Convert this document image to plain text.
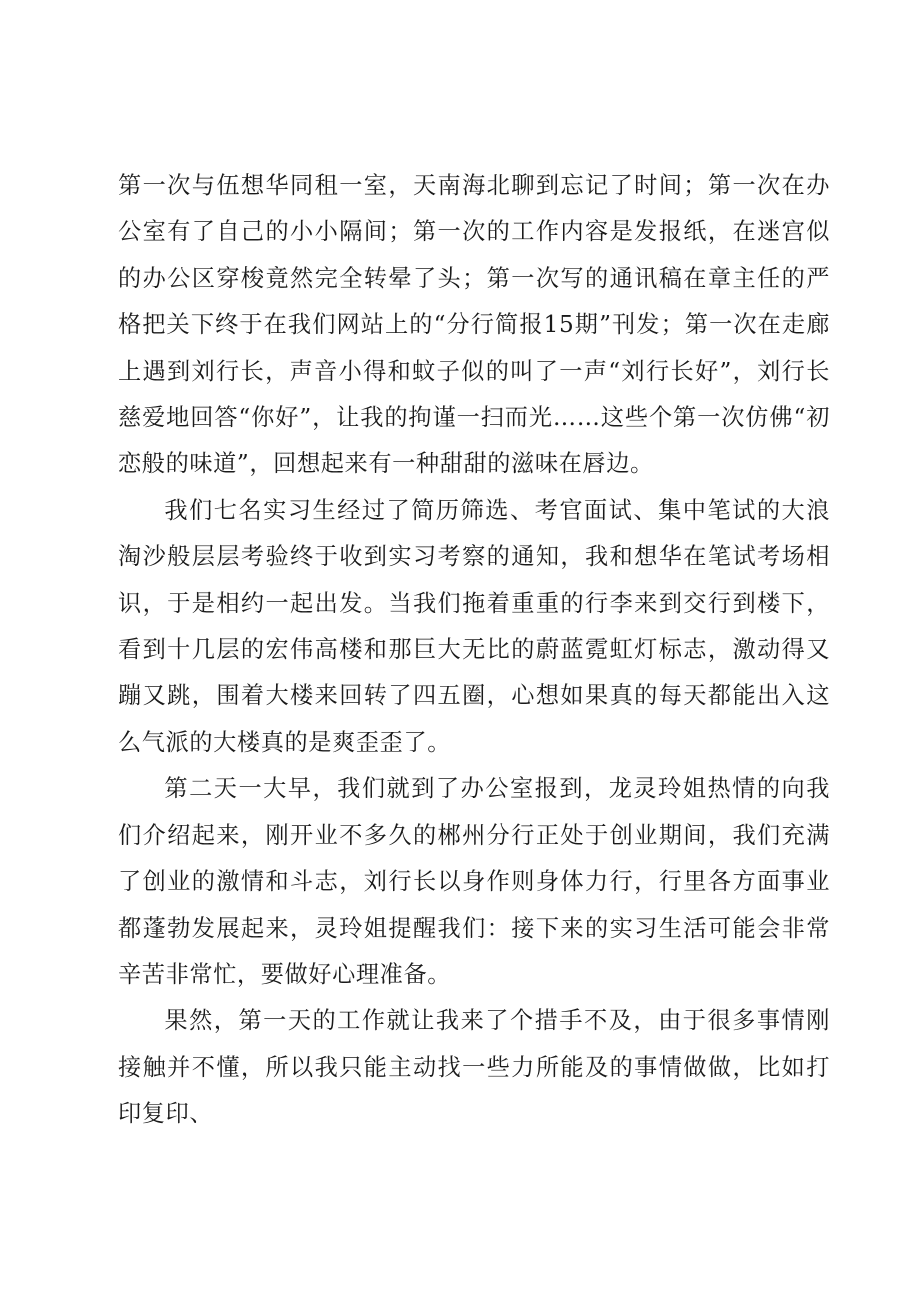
第一次与伍想华同租一室，天南海北聊到忘记了时间；第一次在办公室有了自己的小小隔间；第一次的工作内容是发报纸，在迷宫似的办公区穿梭竟然完全转晕了头；第一次写的通讯稿在章主任的严格把关下终于在我们网站上的“分行简报15期”刊发；第一次在走廊上遇到刘行长，声音小得和蚊子似的叫了一声“刘行长好”，刘行长慈爱地回答“你好”，让我的拘谨一扫而光……这些个第一次仿佛“初恋般的味道”，回想起来有一种甜甜的滋味在唇边。

我们七名实习生经过了简历筛选、考官面试、集中笔试的大浪淘沙般层层考验终于收到实习考察的通知，我和想华在笔试考场相识，于是相约一起出发。当我们拖着重重的行李来到交行到楼下，看到十几层的宏伟高楼和那巨大无比的蔚蓝霓虹灯标志，激动得又蹦又跳，围着大楼来回转了四五圈，心想如果真的每天都能出入这么气派的大楼真的是爽歪歪了。

第二天一大早，我们就到了办公室报到，龙灵玲姐热情的向我们介绍起来，刚开业不多久的郴州分行正处于创业期间，我们充满了创业的激情和斗志，刘行长以身作则身体力行，行里各方面事业都蓬勃发展起来，灵玲姐提醒我们：接下来的实习生活可能会非常辛苦非常忙，要做好心理准备。

果然，第一天的工作就让我来了个措手不及，由于很多事情刚接触并不懂，所以我只能主动找一些力所能及的事情做做，比如打印复印、
